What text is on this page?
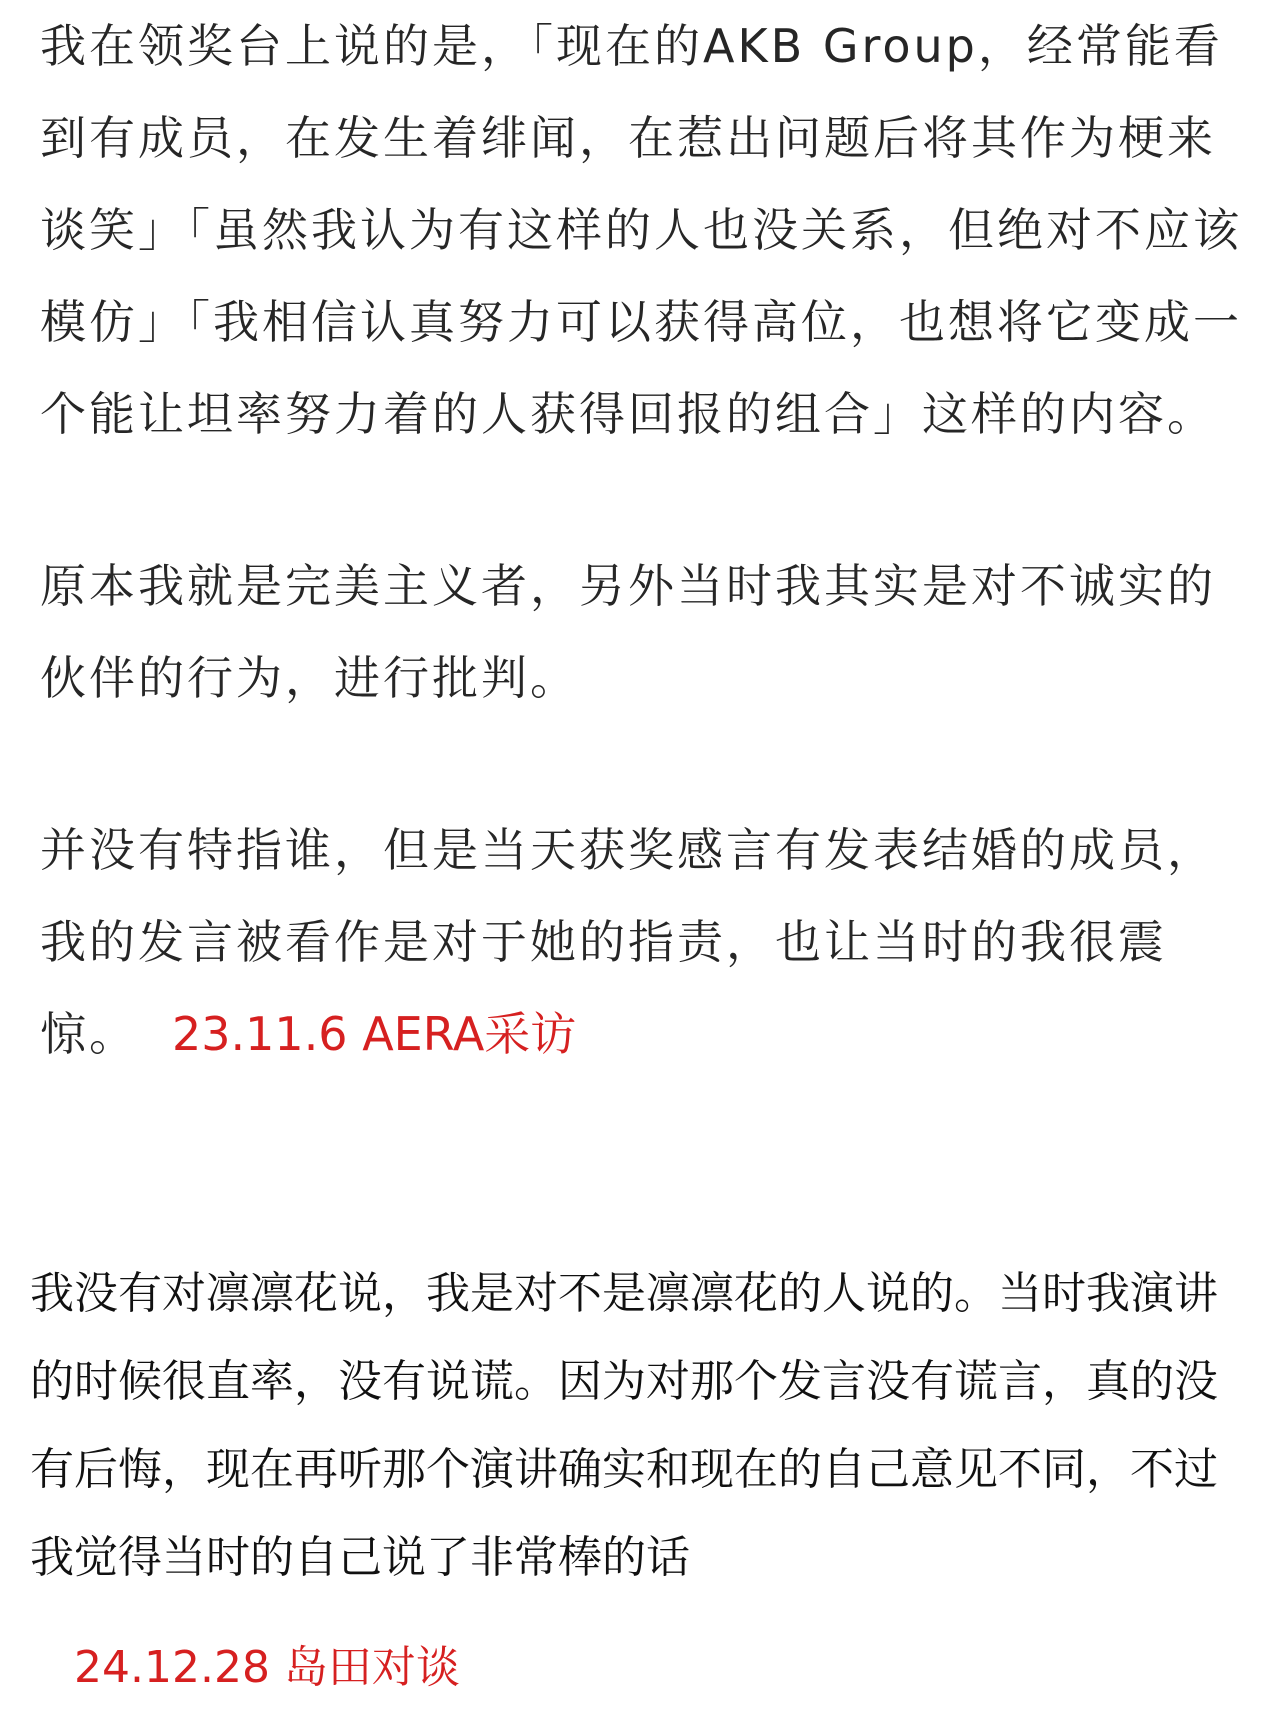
我在领奖台上说的是，「现在的AKB Group，经常能看到有成员，在发生着绯闻，在惹出问题后将其作为梗来谈笑」「虽然我认为有这样的人也没关系，但绝对不应该模仿」「我相信认真努力可以获得高位，也想将它变成一个能让坦率努力着的人获得回报的组合」这样的内容。

原本我就是完美主义者，另外当时我其实是对不诚实的伙伴的行为，进行批判。

并没有特指谁，但是当天获奖感言有发表结婚的成员，我的发言被看作是对于她的指责，也让当时的我很震惊。 23.11.6 AERA采访

我没有对凛凛花说，我是对不是凛凛花的人说的。当时我演讲的时候很直率，没有说谎。因为对那个发言没有谎言，真的没有后悔，现在再听那个演讲确实和现在的自己意见不同，不过我觉得当时的自己说了非常棒的话

24.12.28 岛田对谈
